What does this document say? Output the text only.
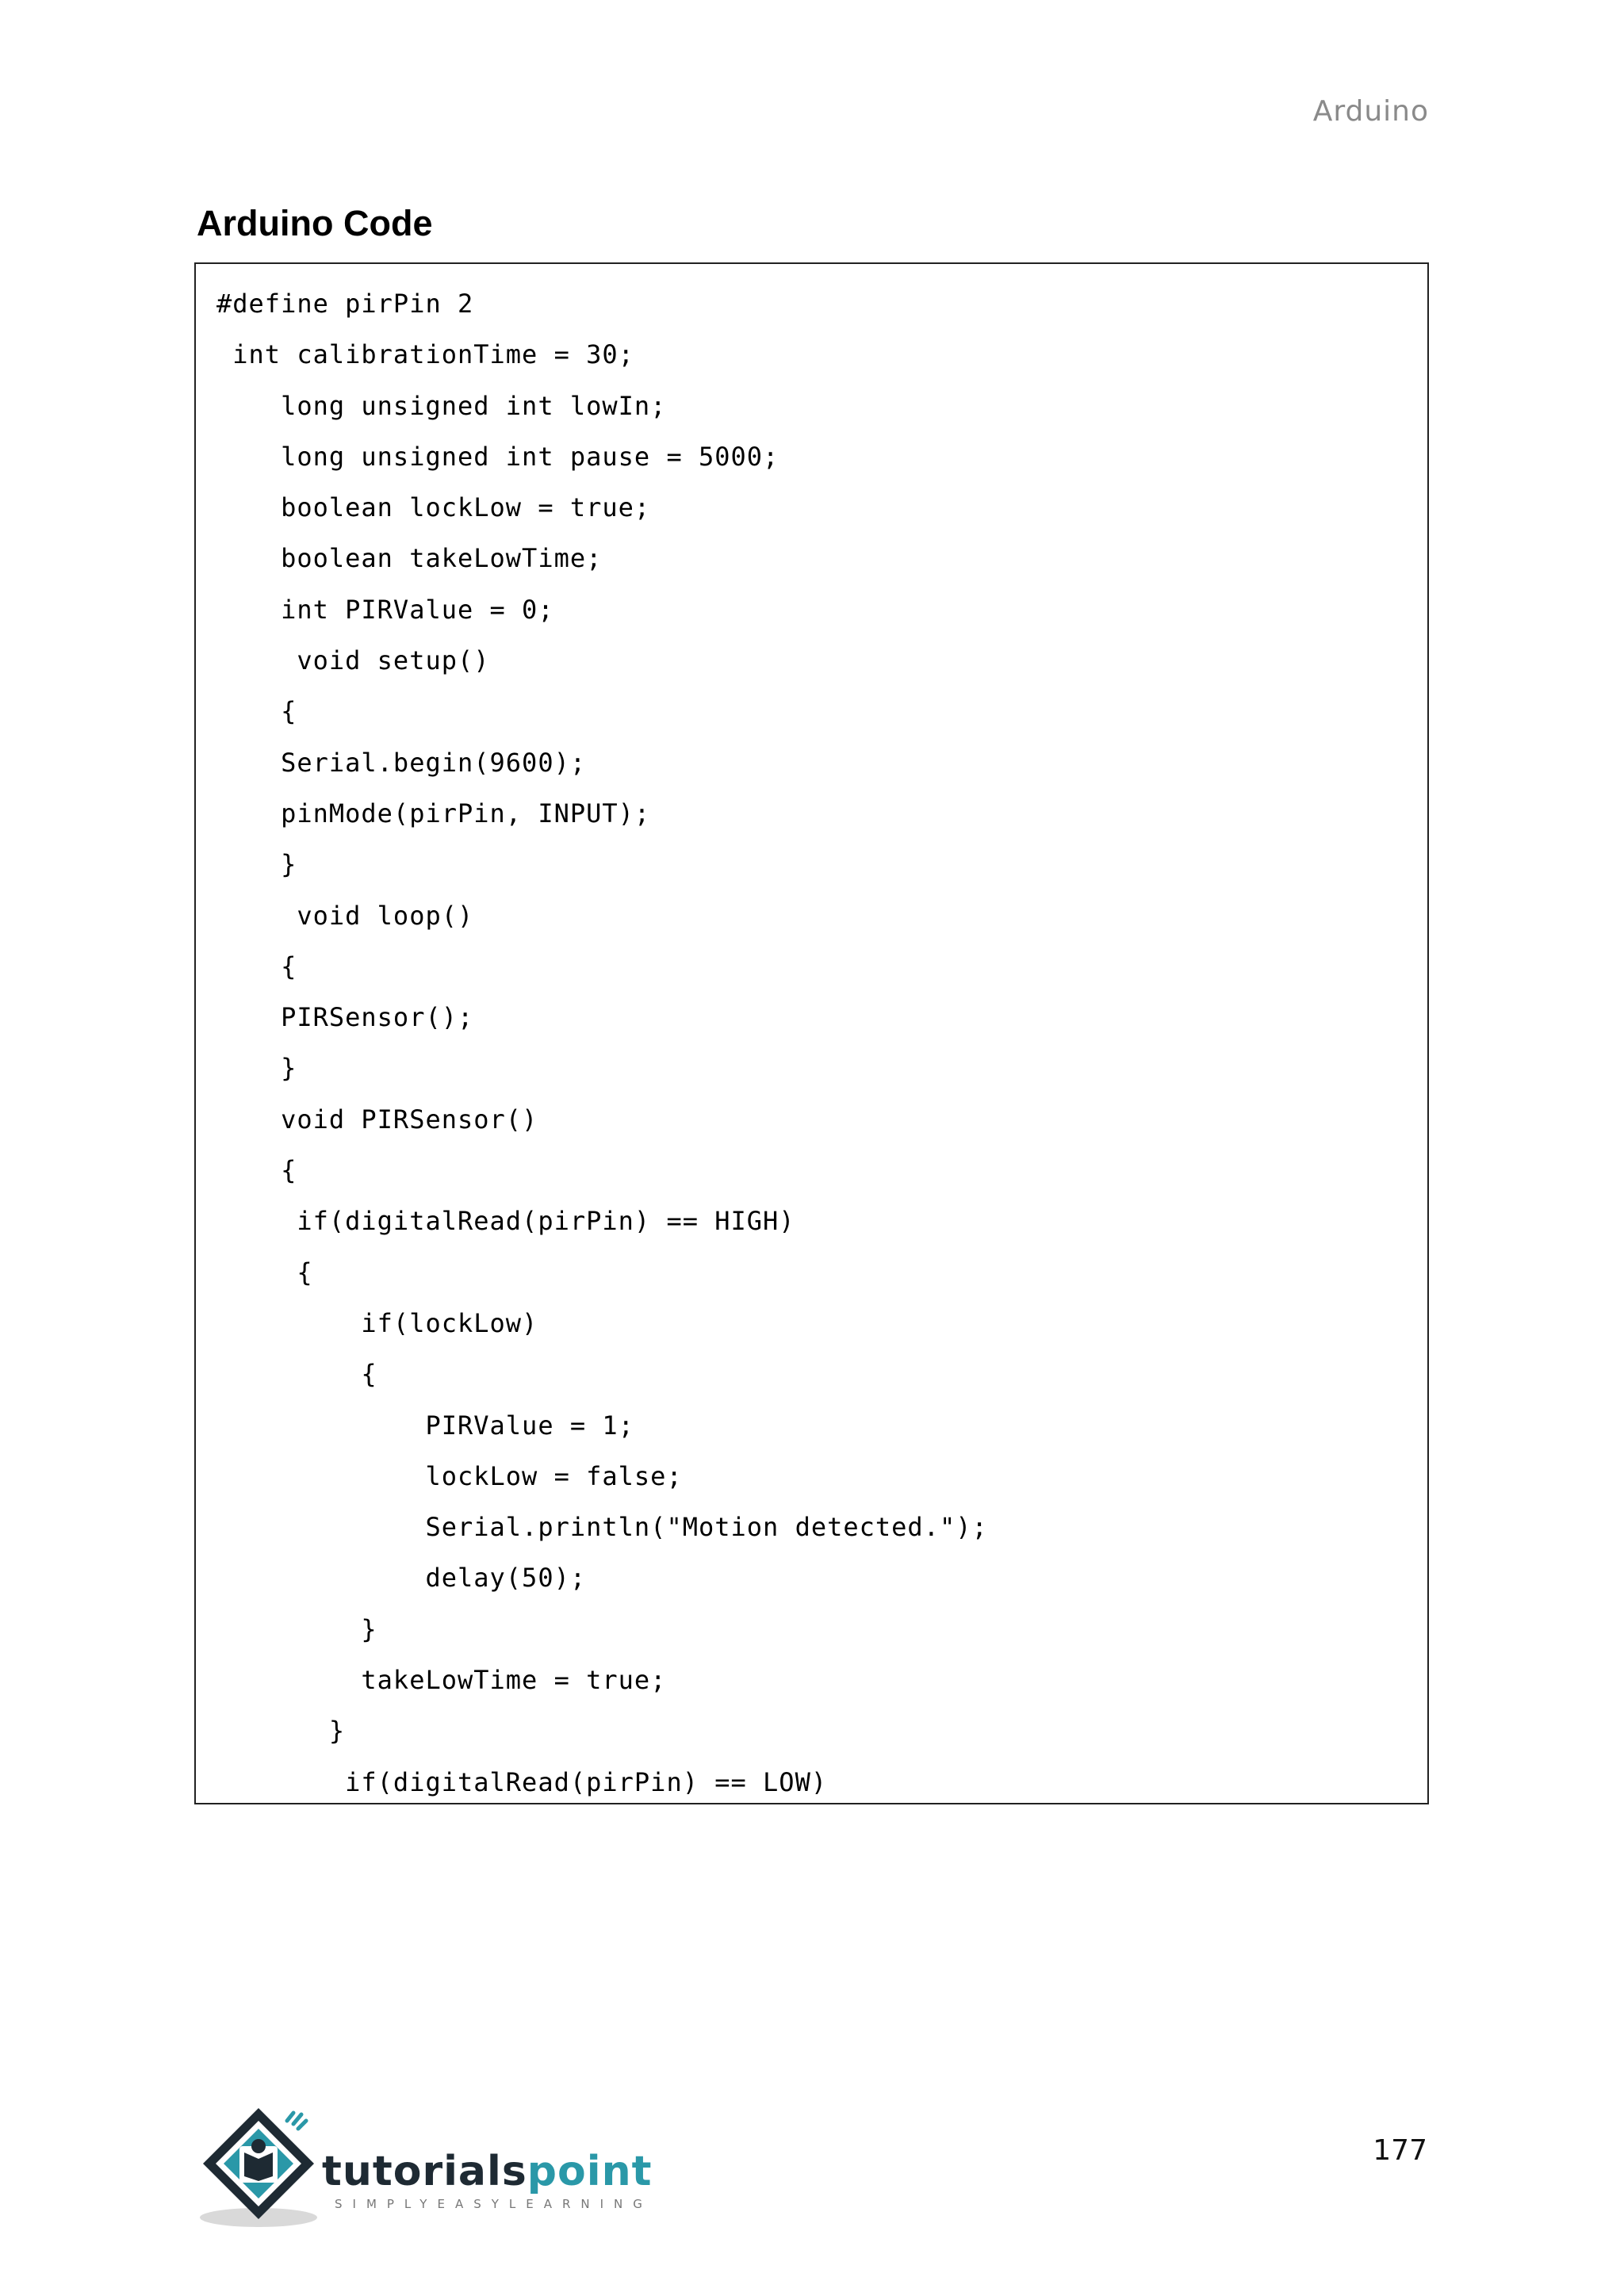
Arduino
Arduino Code
#define pirPin 2
int calibrationTime = 30;
long unsigned int lowIn;
long unsigned int pause = 5000;
boolean lockLow = true;
boolean takeLowTime;
int PIRValue = 0;
void setup()
{
Serial.begin(9600);
pinMode(pirPin, INPUT);
}
void loop()
{
PIRSensor();
}
void PIRSensor()
{
if(digitalRead(pirPin) == HIGH)
{
if(lockLow)
{
PIRValue = 1;
lockLow = false;
Serial.println("Motion detected.");
delay(50);
}
takeLowTime = true;
}
if(digitalRead(pirPin) == LOW)
tutorialspoint
SIMPLYEASYLEARNING
177
